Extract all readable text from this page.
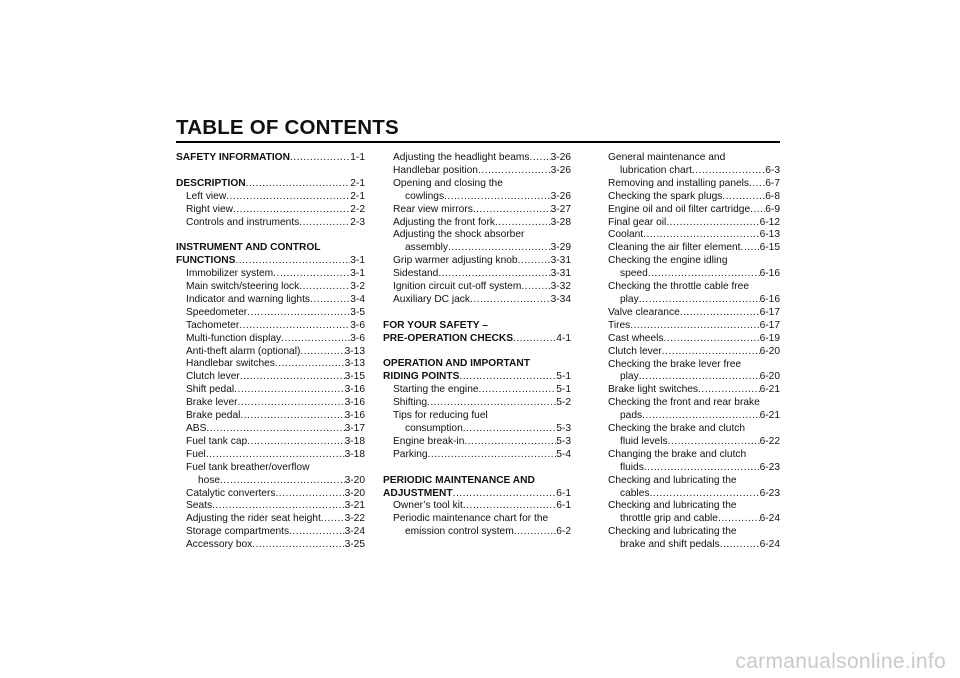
TABLE OF CONTENTS
SAFETY INFORMATION .....	1-1
DESCRIPTION .....	2-1
Left view .....	2-1
Right view .....	2-2
Controls and instruments .....	2-3
INSTRUMENT AND CONTROL
FUNCTIONS .....	3-1
Immobilizer system .....	3-1
Main switch/steering lock .....	3-2
Indicator and warning lights .....	3-4
Speedometer .....	3-5
Tachometer .....	3-6
Multi-function display .....	3-6
Anti-theft alarm (optional) .....	3-13
Handlebar switches .....	3-13
Clutch lever .....	3-15
Shift pedal .....	3-16
Brake lever .....	3-16
Brake pedal .....	3-16
ABS .....	3-17
Fuel tank cap .....	3-18
Fuel .....	3-18
Fuel tank breather/overflow
hose .....	3-20
Catalytic converters .....	3-20
Seats .....	3-21
Adjusting the rider seat height ..... 3-22
Storage compartments .....	3-24
Accessory box .....	3-25
Adjusting the headlight beams ..... 3-26
Handlebar position .....	3-26
Opening and closing the
cowlings .....	3-26
Rear view mirrors .....	3-27
Adjusting the front fork .....	3-28
Adjusting the shock absorber
assembly .....	3-29
Grip warmer adjusting knob .....	3-31
Sidestand .....	3-31
Ignition circuit cut-off system .....	3-32
Auxiliary DC jack .....	3-34
FOR YOUR SAFETY –
PRE-OPERATION CHECKS .....	4-1
OPERATION AND IMPORTANT
RIDING POINTS .....	5-1
Starting the engine .....	5-1
Shifting .....	5-2
Tips for reducing fuel
consumption .....	5-3
Engine break-in .....	5-3
Parking .....	5-4
PERIODIC MAINTENANCE AND
ADJUSTMENT .....	6-1
Owner’s tool kit .....	6-1
Periodic maintenance chart for the
emission control system .....	6-2
General maintenance and
lubrication chart .....	6-3
Removing and installing panels ..... 6-7
Checking the spark plugs .....	6-8
Engine oil and oil filter cartridge ..... 6-9
Final gear oil .....	6-12
Coolant .....	6-13
Cleaning the air filter element ..... 6-15
Checking the engine idling
speed .....	6-16
Checking the throttle cable free
play .....	6-16
Valve clearance .....	6-17
Tires .....	6-17
Cast wheels .....	6-19
Clutch lever .....	6-20
Checking the brake lever free
play .....	6-20
Brake light switches .....	6-21
Checking the front and rear brake
pads .....	6-21
Checking the brake and clutch
fluid levels .....	6-22
Changing the brake and clutch
fluids .....	6-23
Checking and lubricating the
cables .....	6-23
Checking and lubricating the
throttle grip and cable .....	6-24
Checking and lubricating the
brake and shift pedals .....	6-24
carmanualsonline.info
